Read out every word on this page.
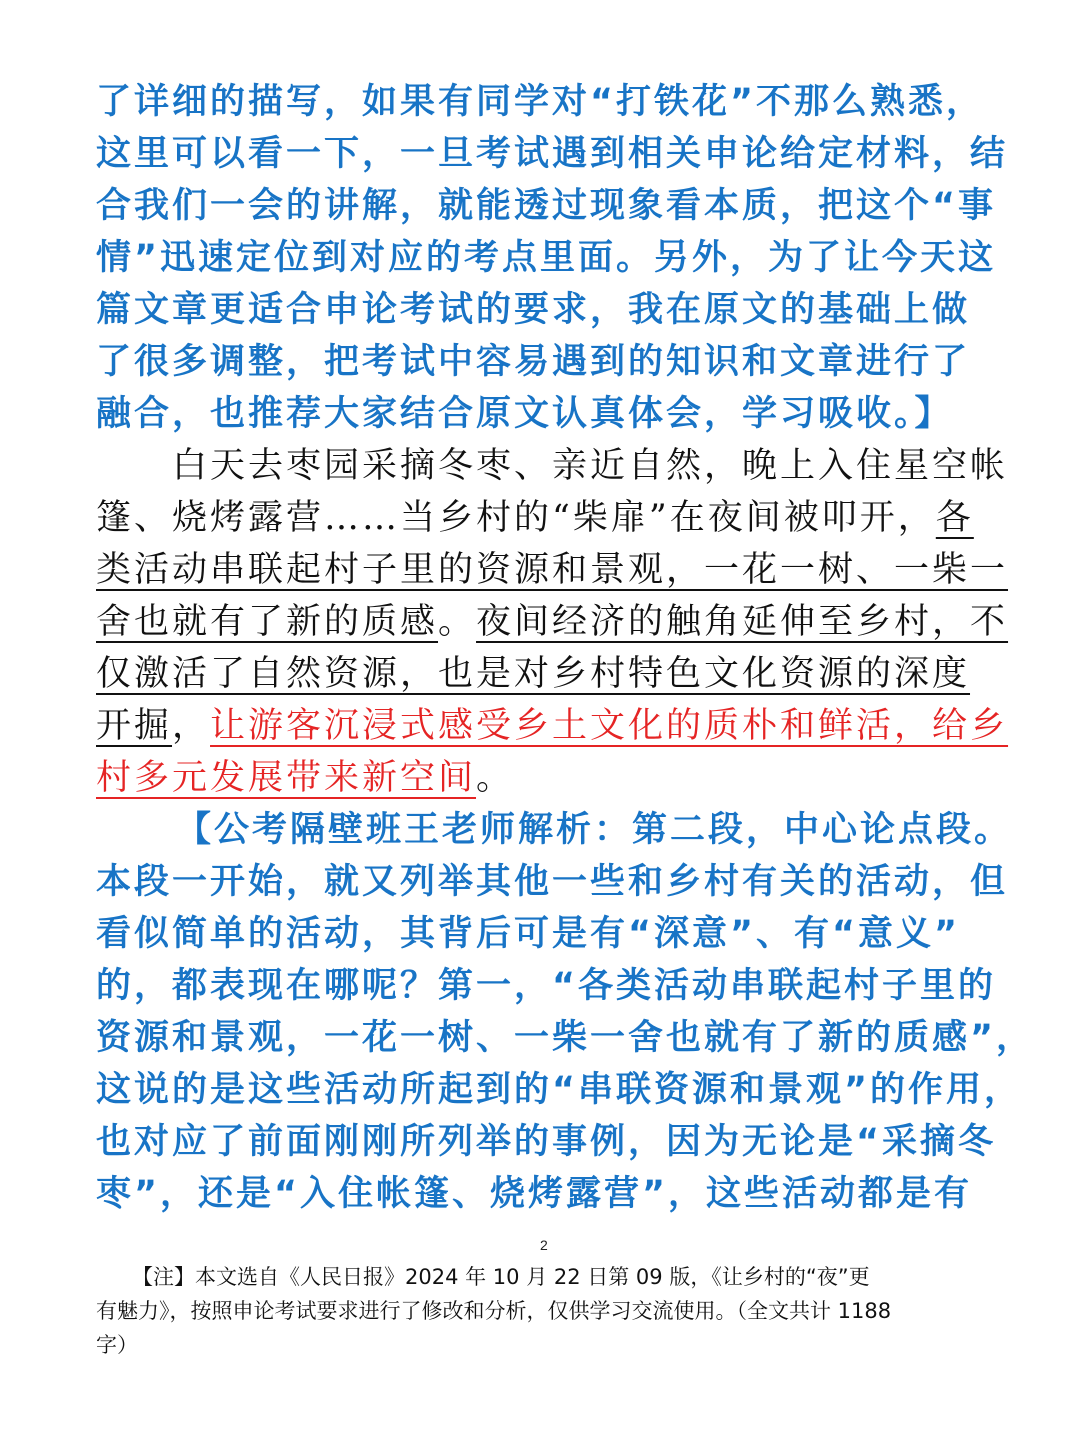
了详细的描写，如果有同学对“打铁花”不那么熟悉，
这里可以看一下，一旦考试遇到相关申论给定材料，结
合我们一会的讲解，就能透过现象看本质，把这个“事
情”迅速定位到对应的考点里面。另外，为了让今天这
篇文章更适合申论考试的要求，我在原文的基础上做
了很多调整，把考试中容易遇到的知识和文章进行了
融合，也推荐大家结合原文认真体会，学习吸收。】
白天去枣园采摘冬枣、亲近自然，晚上入住星空帐
篷、烧烤露营……当乡村的“柴扉”在夜间被叩开，各
类活动串联起村子里的资源和景观，一花一树、一柴一
舍也就有了新的质感。夜间经济的触角延伸至乡村，不
仅激活了自然资源，也是对乡村特色文化资源的深度
开掘，让游客沉浸式感受乡土文化的质朴和鲜活，给乡
村多元发展带来新空间。
【公考隔壁班王老师解析：第二段，中心论点段。
本段一开始，就又列举其他一些和乡村有关的活动，但
看似简单的活动，其背后可是有“深意”、有“意义”
的，都表现在哪呢？第一，“各类活动串联起村子里的
资源和景观，一花一树、一柴一舍也就有了新的质感”，
这说的是这些活动所起到的“串联资源和景观”的作用，
也对应了前面刚刚所列举的事例，因为无论是“采摘冬
枣”，还是“入住帐篷、烧烤露营”，这些活动都是有
2
【注】本文选自《人民日报》2024 年 10 月 22 日第 09 版，《让乡村的“夜”更
有魅力》，按照申论考试要求进行了修改和分析，仅供学习交流使用。（全文共计 1188
字）
